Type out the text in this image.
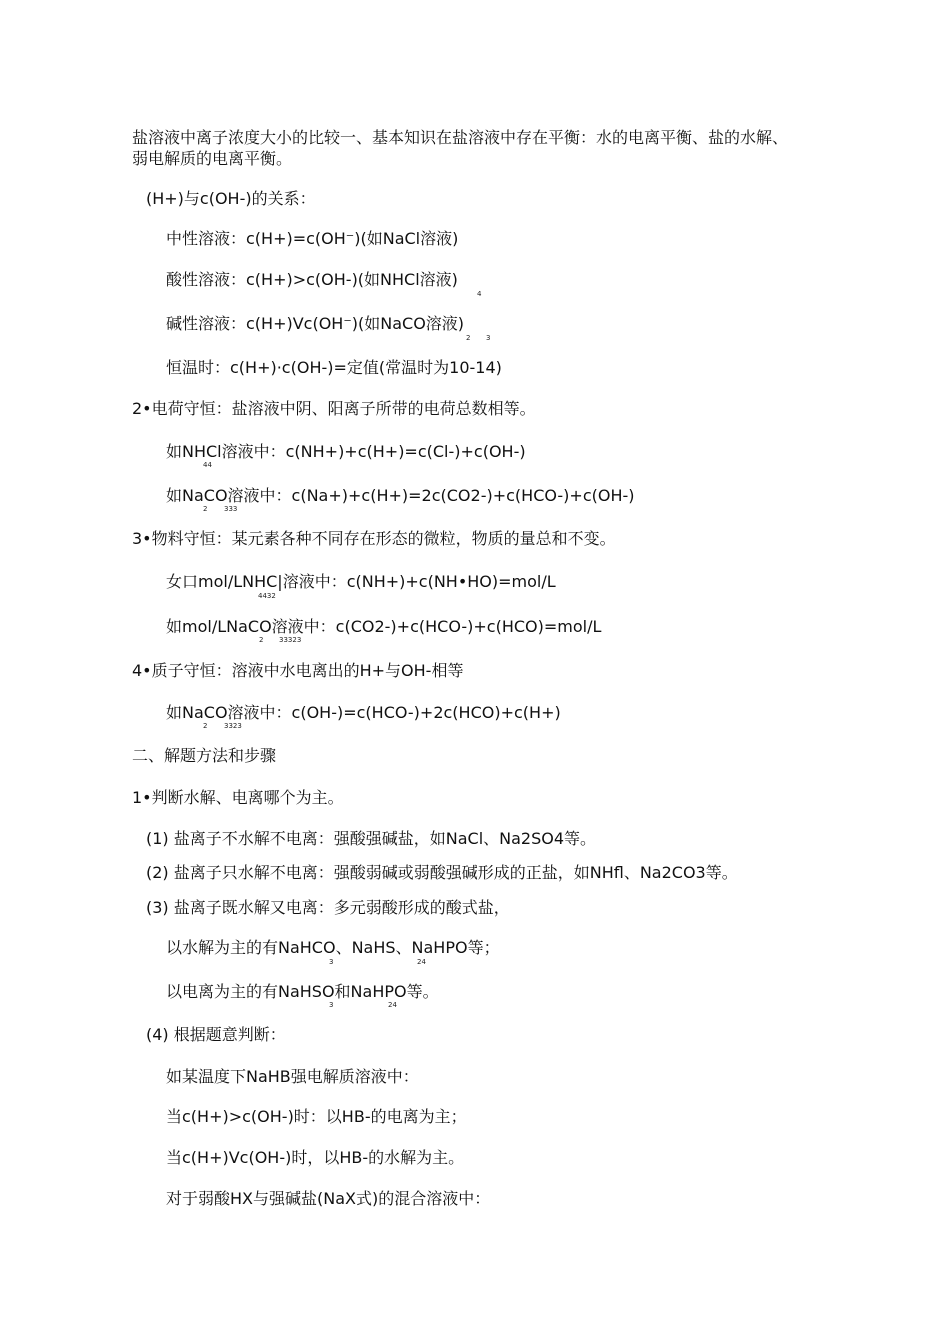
盐溶液中离子浓度大小的比较一、基本知识在盐溶液中存在平衡：水的电离平衡、盐的水解、
弱电解质的电离平衡。
(H+)与c(OH-)的关系：
中性溶液：c(H+)=c(OH⁻)(如NaCl溶液)
酸性溶液：c(H+)>c(OH-)(如NHCl溶液)
4
碱性溶液：c(H+)Vc(OH⁻)(如NaCO溶液)
2 3
恒温时：c(H+)·c(OH-)=定值(常温时为10-14)
2•电荷守恒：盐溶液中阴、阳离子所带的电荷总数相等。
如NHCl溶液中：c(NH+)+c(H+)=c(Cl-)+c(OH-)
44
如NaCO溶液中：c(Na+)+c(H+)=2c(CO2-)+c(HCO-)+c(OH-)
2 333
3•物料守恒：某元素各种不同存在形态的微粒，物质的量总和不变。
女口mol/LNHC|溶液中：c(NH+)+c(NH•HO)=mol/L
4432
如mol/LNaCO溶液中：c(CO2-)+c(HCO-)+c(HCO)=mol/L
2 33323
4•质子守恒：溶液中水电离出的H+与OH-相等
如NaCO溶液中：c(OH-)=c(HCO-)+2c(HCO)+c(H+)
2 3323
二、解题方法和步骤
1•判断水解、电离哪个为主。
(1) 盐离子不水解不电离：强酸强碱盐，如NaCl、Na2SO4等。
(2) 盐离子只水解不电离：强酸弱碱或弱酸强碱形成的正盐，如NHfl、Na2CO3等。
(3) 盐离子既水解又电离：多元弱酸形成的酸式盐，
以水解为主的有NaHCO、NaHS、NaHPO等；
3	24
以电离为主的有NaHSO和NaHPO等。
3	24
(4) 根据题意判断：
如某温度下NaHB强电解质溶液中：
当c(H+)>c(OH-)时：以HB-的电离为主；
当c(H+)Vc(OH-)时，以HB-的水解为主。
对于弱酸HX与强碱盐(NaX式)的混合溶液中：
